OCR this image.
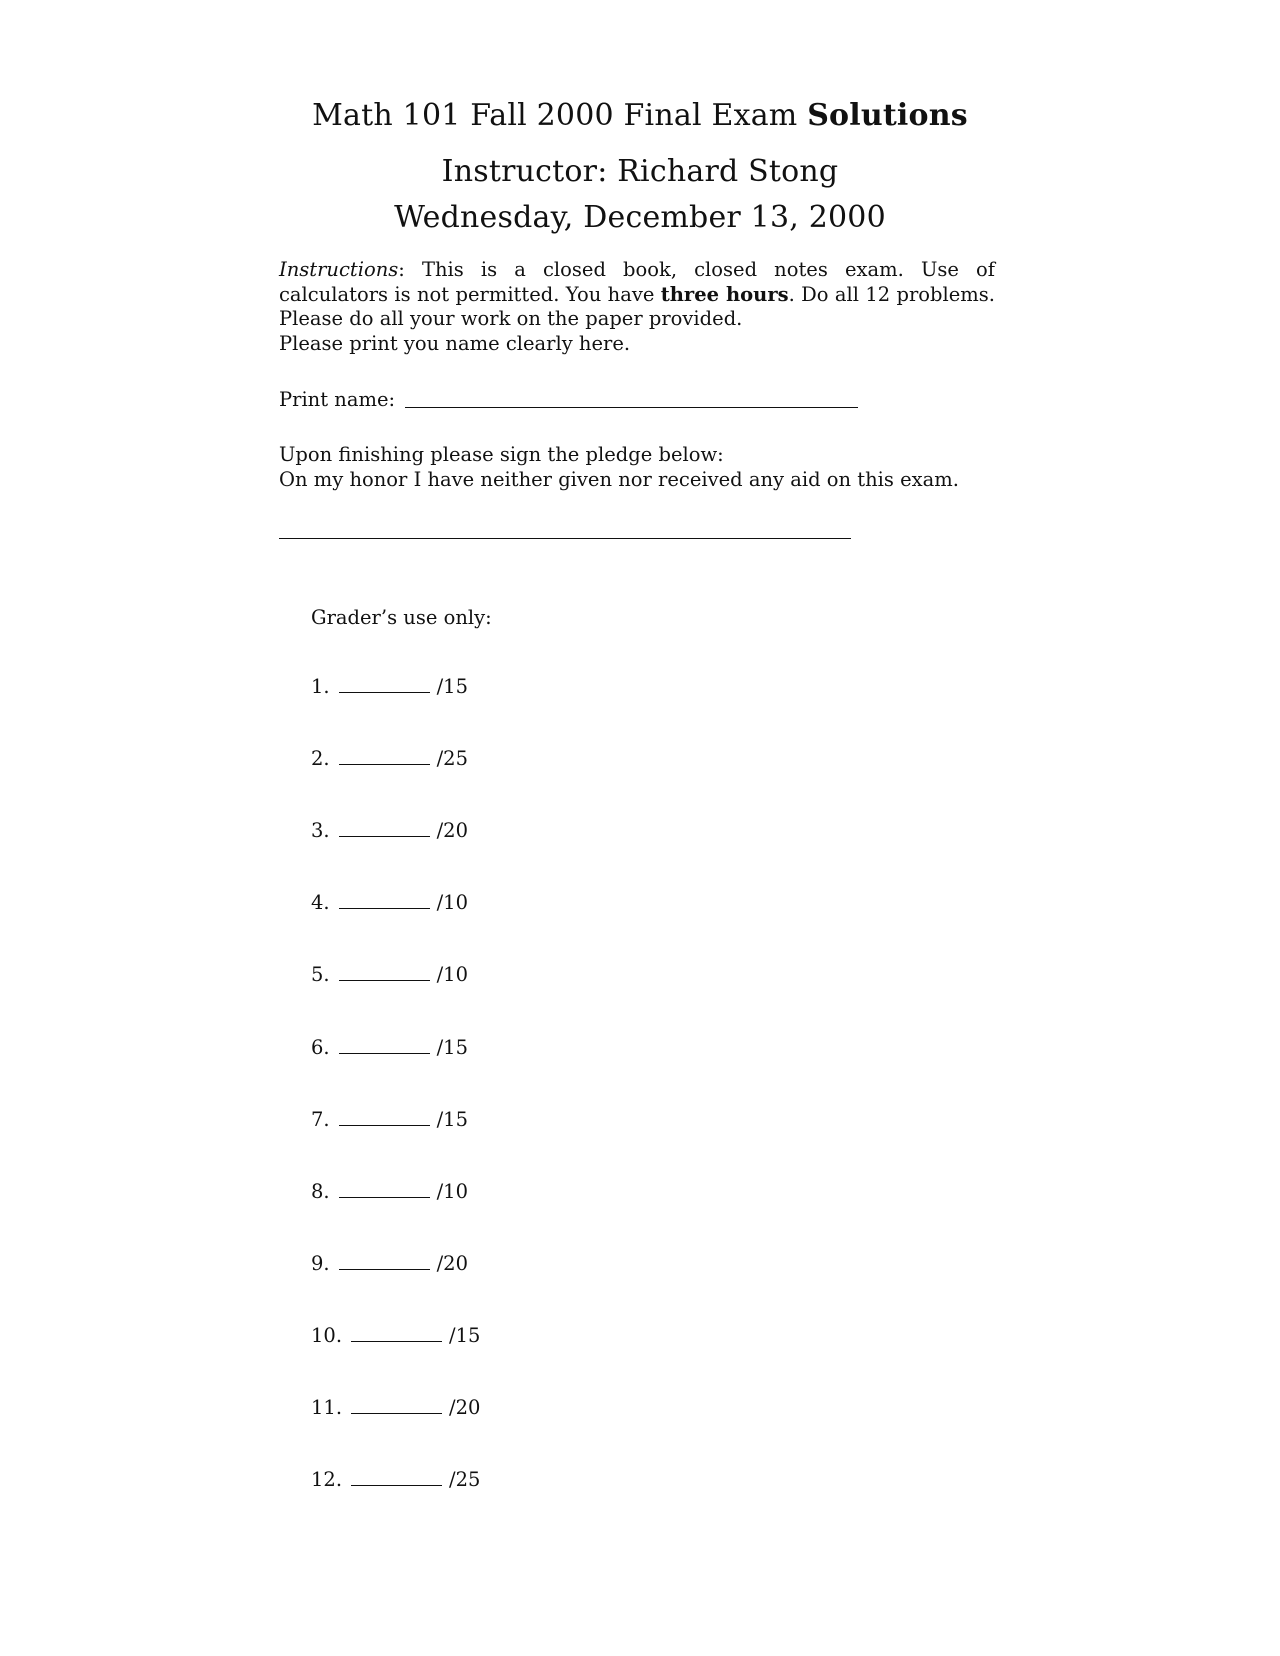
Math 101 Fall 2000 Final Exam Solutions
Instructor: Richard Stong
Wednesday, December 13, 2000
Instructions: This is a closed book, closed notes exam. Use of calculators is not permitted. You have three hours. Do all 12 problems. Please do all your work on the paper provided.
Please print you name clearly here.
Print name:
Upon finishing please sign the pledge below:
On my honor I have neither given nor received any aid on this exam.
Grader’s use only:
1.	/15
2.	/25
3.	/20
4.	/10
5.	/10
6.	/15
7.	/15
8.	/10
9.	/20
10.	/15
11.	/20
12.	/25
